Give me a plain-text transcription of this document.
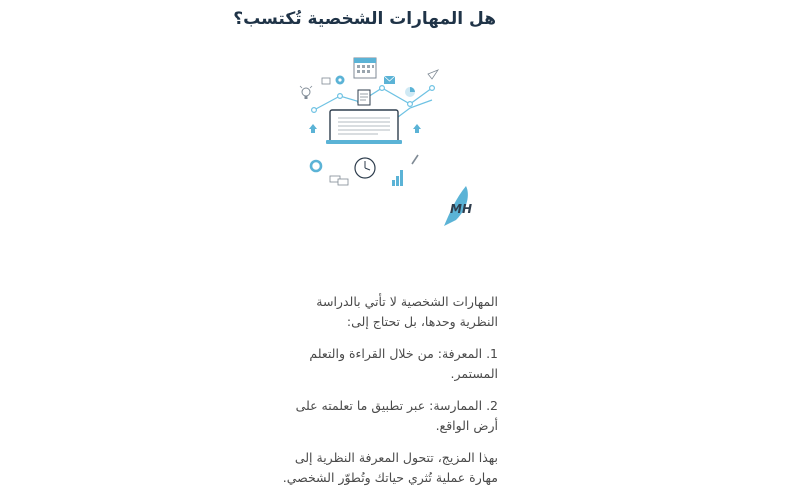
هل المهارات الشخصية تُكتسب؟
MH

المهارات الشخصية لا تأتي بالدراسة النظرية وحدها، بل تحتاج إلى:

1. المعرفة: من خلال القراءة والتعلم المستمر.

2. الممارسة: عبر تطبيق ما تعلمته على أرض الواقع.

بهذا المزيج، تتحول المعرفة النظرية إلى مهارة عملية تُثري حياتك وتُطوّر الشخصي.
